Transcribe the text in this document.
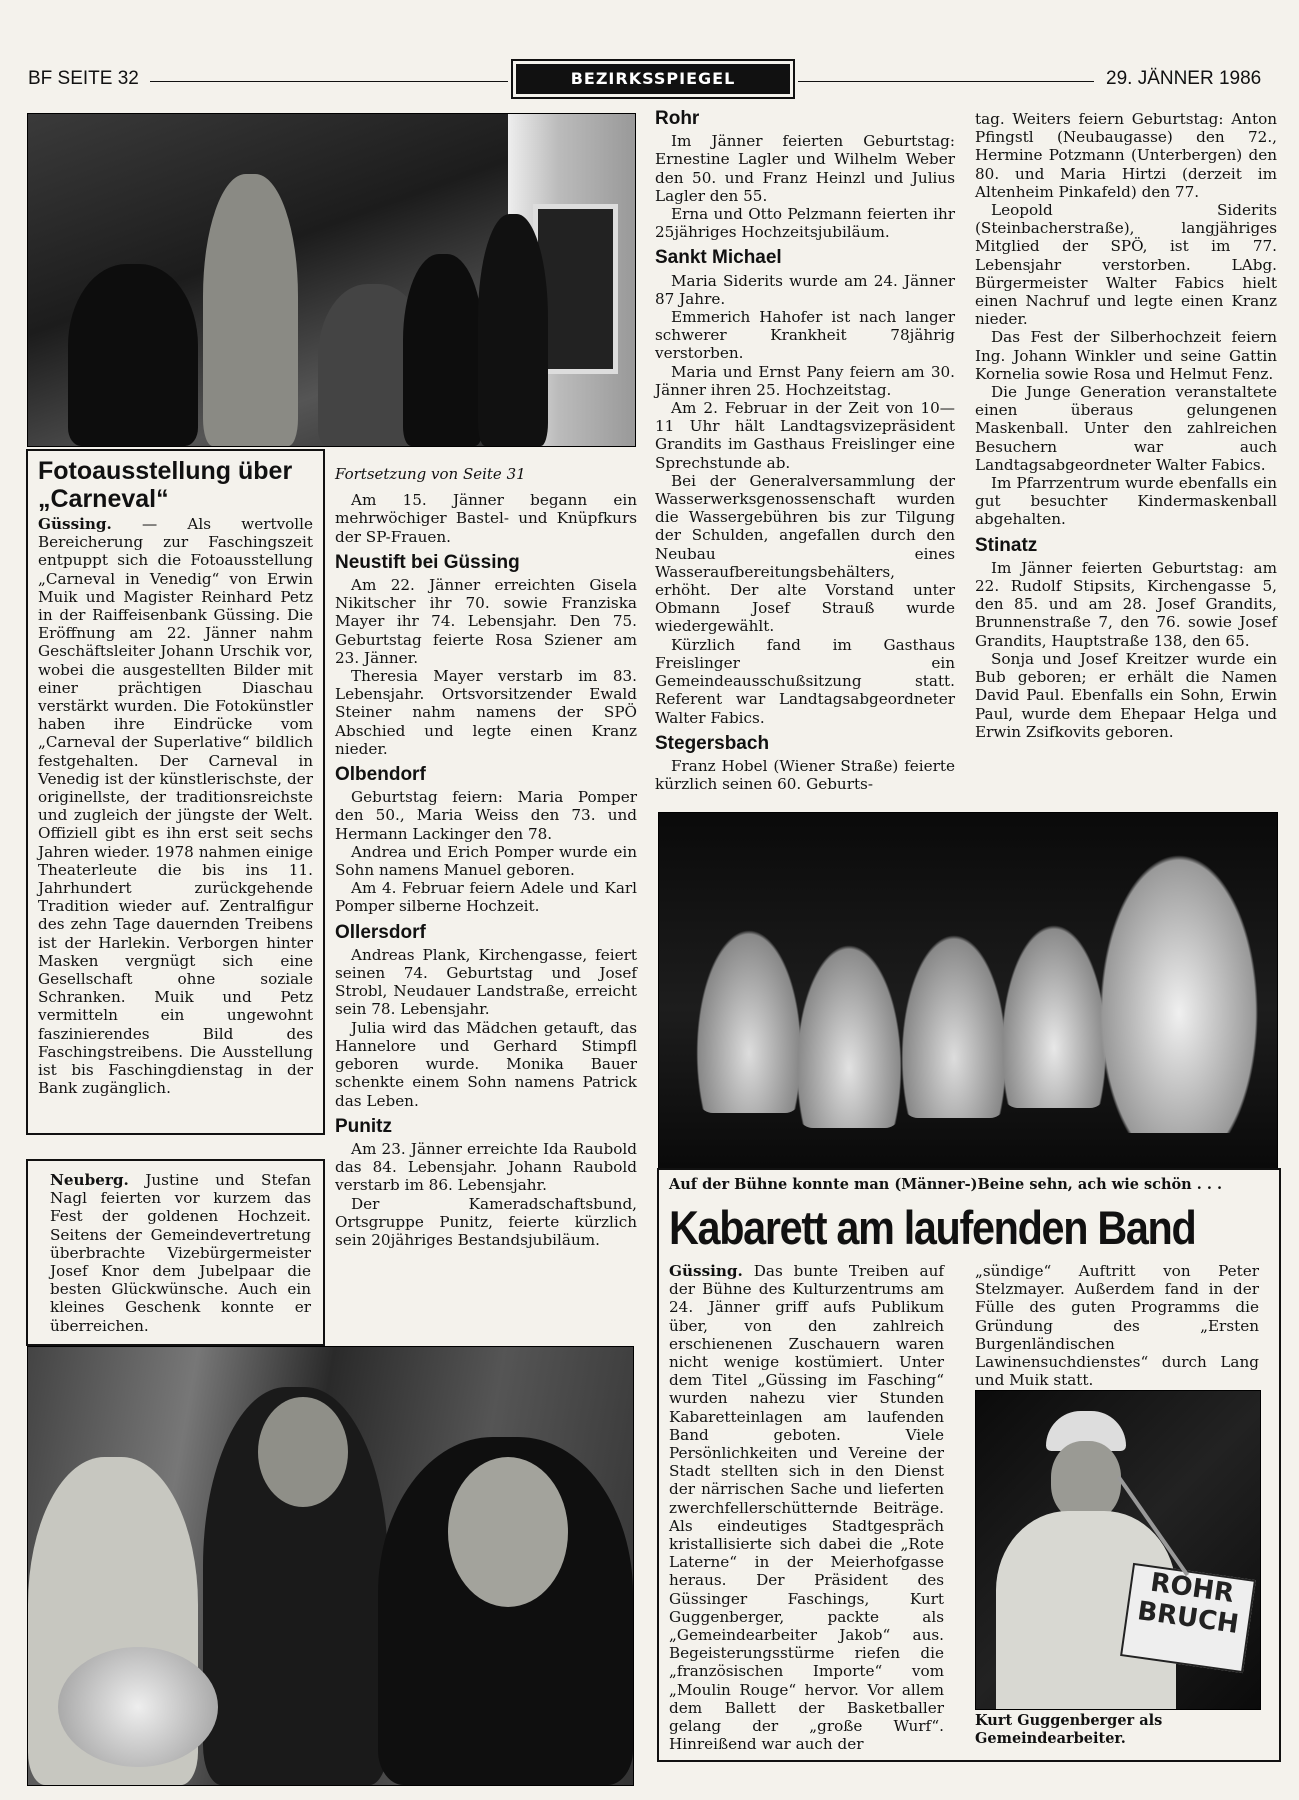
BF SEITE 32	BEZIRKSSPIEGEL	29. JÄNNER 1986
Fotoausstellung über „Carneval“
Güssing. — Als wertvolle Bereicherung zur Faschingszeit entpuppt sich die Fotoausstellung „Carneval in Venedig“ von Erwin Muik und Magister Reinhard Petz in der Raiffeisenbank Güssing. Die Eröffnung am 22. Jänner nahm Geschäftsleiter Johann Urschik vor, wobei die ausgestellten Bilder mit einer prächtigen Diaschau verstärkt wurden. Die Fotokünstler haben ihre Eindrücke vom „Carneval der Superlative“ bildlich festgehalten. Der Carneval in Venedig ist der künstlerischste, der originellste, der traditionsreichste und zugleich der jüngste der Welt. Offiziell gibt es ihn erst seit sechs Jahren wieder. 1978 nahmen einige Theaterleute die bis ins 11. Jahrhundert zurückgehende Tradition wieder auf. Zentralfigur des zehn Tage dauernden Treibens ist der Harlekin. Verborgen hinter Masken vergnügt sich eine Gesellschaft ohne soziale Schranken. Muik und Petz vermitteln ein ungewohnt faszinierendes Bild des Faschingstreibens. Die Ausstellung ist bis Faschingdienstag in der Bank zugänglich.
Neuberg. Justine und Stefan Nagl feierten vor kurzem das Fest der goldenen Hochzeit. Seitens der Gemeindevertretung überbrachte Vizebürgermeister Josef Knor dem Jubelpaar die besten Glückwünsche. Auch ein kleines Geschenk konnte er überreichen.
Fortsetzung von Seite 31

Am 15. Jänner begann ein mehrwöchiger Bastel- und Knüpfkurs der SP-Frauen.

Neustift bei Güssing

Am 22. Jänner erreichten Gisela Nikitscher ihr 70. sowie Franziska Mayer ihr 74. Lebensjahr. Den 75. Geburtstag feierte Rosa Sziener am 23. Jänner.

Theresia Mayer verstarb im 83. Lebensjahr. Ortsvorsitzender Ewald Steiner nahm namens der SPÖ Abschied und legte einen Kranz nieder.

Olbendorf

Geburtstag feiern: Maria Pomper den 50., Maria Weiss den 73. und Hermann Lackinger den 78.

Andrea und Erich Pomper wurde ein Sohn namens Manuel geboren.

Am 4. Februar feiern Adele und Karl Pomper silberne Hochzeit.

Ollersdorf

Andreas Plank, Kirchengasse, feiert seinen 74. Geburtstag und Josef Strobl, Neudauer Landstraße, erreicht sein 78. Lebensjahr.

Julia wird das Mädchen getauft, das Hannelore und Gerhard Stimpfl geboren wurde. Monika Bauer schenkte einem Sohn namens Patrick das Leben.

Punitz

Am 23. Jänner erreichte Ida Raubold das 84. Lebensjahr. Johann Raubold verstarb im 86. Lebensjahr.

Der Kameradschaftsbund, Ortsgruppe Punitz, feierte kürzlich sein 20jähriges Bestandsjubiläum.

Rohr

Im Jänner feierten Geburtstag: Ernestine Lagler und Wilhelm Weber den 50. und Franz Heinzl und Julius Lagler den 55.

Erna und Otto Pelzmann feierten ihr 25jähriges Hochzeitsjubiläum.

Sankt Michael

Maria Siderits wurde am 24. Jänner 87 Jahre.

Emmerich Hahofer ist nach langer schwerer Krankheit 78jährig verstorben.

Maria und Ernst Pany feiern am 30. Jänner ihren 25. Hochzeitstag.

Am 2. Februar in der Zeit von 10—11 Uhr hält Landtagsvizepräsident Grandits im Gasthaus Freislinger eine Sprechstunde ab.

Bei der Generalversammlung der Wasserwerksgenossenschaft wurden die Wassergebühren bis zur Tilgung der Schulden, angefallen durch den Neubau eines Wasseraufbereitungsbehälters, erhöht. Der alte Vorstand unter Obmann Josef Strauß wurde wiedergewählt.

Kürzlich fand im Gasthaus Freislinger ein Gemeindeausschußsitzung statt. Referent war Landtagsabgeordneter Walter Fabics.

Stegersbach

Franz Hobel (Wiener Straße) feierte kürzlich seinen 60. Geburts-

tag. Weiters feiern Geburtstag: Anton Pfingstl (Neubaugasse) den 72., Hermine Potzmann (Unterbergen) den 80. und Maria Hirtzi (derzeit im Altenheim Pinkafeld) den 77.

Leopold Siderits (Steinbacherstraße), langjähriges Mitglied der SPÖ, ist im 77. Lebensjahr verstorben. LAbg. Bürgermeister Walter Fabics hielt einen Nachruf und legte einen Kranz nieder.

Das Fest der Silberhochzeit feiern Ing. Johann Winkler und seine Gattin Kornelia sowie Rosa und Helmut Fenz.

Die Junge Generation veranstaltete einen überaus gelungenen Maskenball. Unter den zahlreichen Besuchern war auch Landtagsabgeordneter Walter Fabics.

Im Pfarrzentrum wurde ebenfalls ein gut besuchter Kindermaskenball abgehalten.

Stinatz

Im Jänner feierten Geburtstag: am 22. Rudolf Stipsits, Kirchengasse 5, den 85. und am 28. Josef Grandits, Brunnenstraße 7, den 76. sowie Josef Grandits, Hauptstraße 138, den 65.

Sonja und Josef Kreitzer wurde ein Bub geboren; er erhält die Namen David Paul. Ebenfalls ein Sohn, Erwin Paul, wurde dem Ehepaar Helga und Erwin Zsifkovits geboren.

Auf der Bühne konnte man (Männer-)Beine sehn, ach wie schön . . .
Kabarett am laufenden Band
Güssing. Das bunte Treiben auf der Bühne des Kulturzentrums am 24. Jänner griff aufs Publikum über, von den zahlreich erschienenen Zuschauern waren nicht wenige kostümiert. Unter dem Titel „Güssing im Fasching“ wurden nahezu vier Stunden Kabaretteinlagen am laufenden Band geboten. Viele Persönlichkeiten und Vereine der Stadt stellten sich in den Dienst der närrischen Sache und lieferten zwerchfellerschütternde Beiträge. Als eindeutiges Stadtgespräch kristallisierte sich dabei die „Rote Laterne“ in der Meierhofgasse heraus. Der Präsident des Güssinger Faschings, Kurt Guggenberger, packte als „Gemeindearbeiter Jakob“ aus. Begeisterungsstürme riefen die „französischen Importe“ vom „Moulin Rouge“ hervor. Vor allem dem Ballett der Basketballer gelang der „große Wurf“. Hinreißend war auch der
„sündige“ Auftritt von Peter Stelzmayer. Außerdem fand in der Fülle des guten Programms die Gründung des „Ersten Burgenländischen Lawinensuchdienstes“ durch Lang und Muik statt.
ROHR BRUCH
Kurt Guggenberger als Gemeindearbeiter.
